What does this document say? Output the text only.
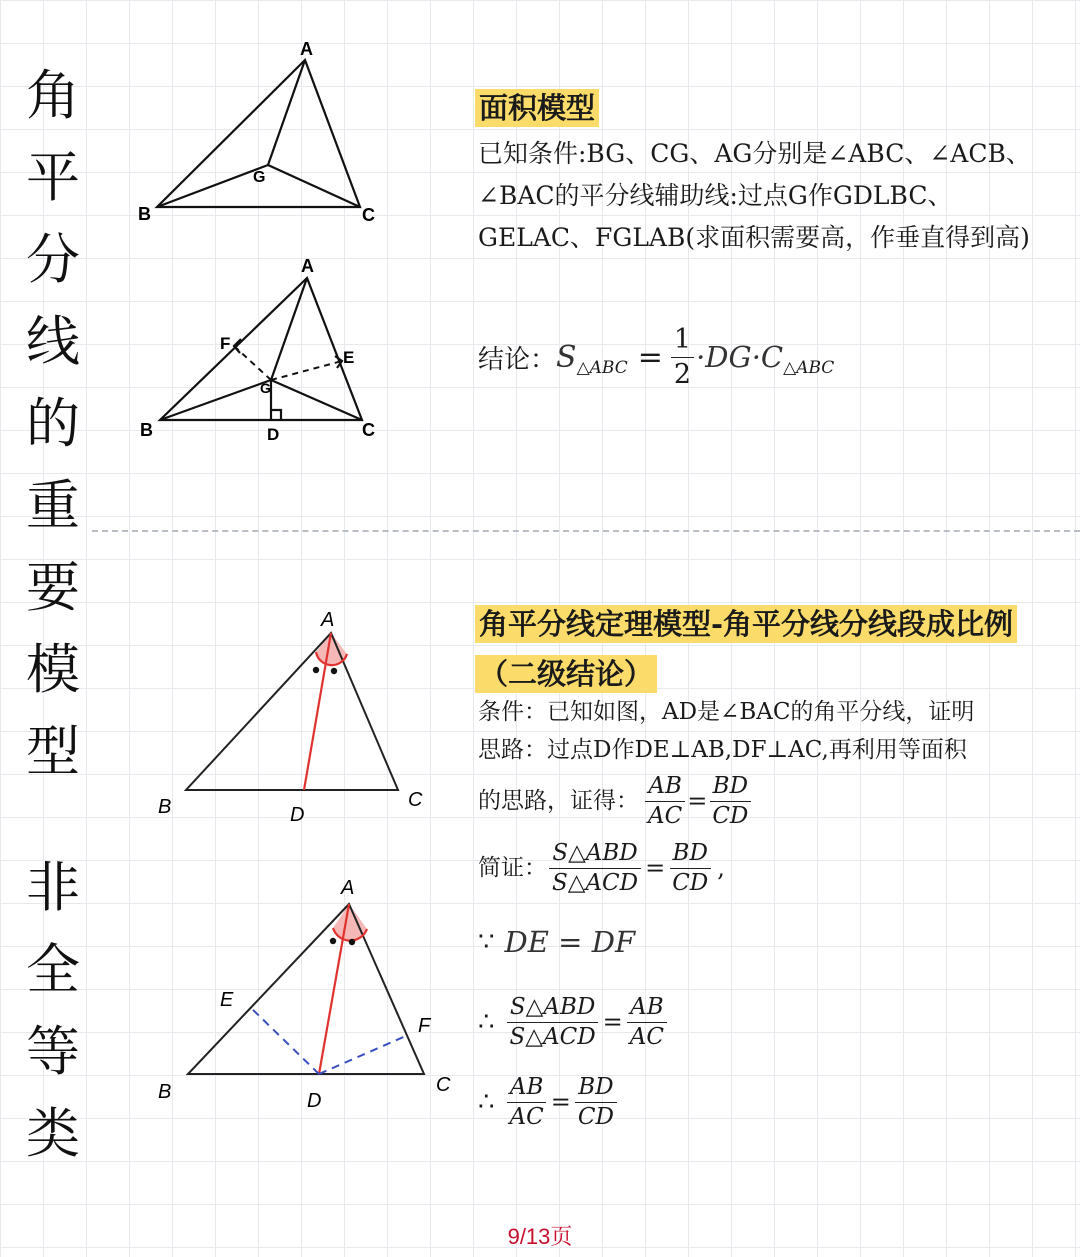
角
平
分
线
的
重
要
模
型
非
全
等
类
A
B	C
G
A
B	C
D
E
F
G
面积模型
已知条件:BG、CG、AG分别是∠ABC、∠ACB、∠BAC的平分线辅助线:过点G作GDLBC、GELAC、FGLAB(求面积需要高，作垂直得到高)
结论： S △ABC = $\frac{1}{2} \cdot DG\cdot C$ △ABC
A
B	C
D
A
B	C
D
E
F
角平分线定理模型-角平分线分线段成比例（二级结论）
条件：已知如图，AD是∠BAC的角平分线，证明
思路：过点D作DE⊥AB,DF⊥AC,再利用等面积
的思路，证得： $\frac{AB}{AC} = \frac{BD}{CD}$
简证： $\frac{\text{S△ABD}}{\text{S△ACD}} = \frac{BD}{CD}$ ,
∵ DE = DF
∴ $\frac{\text{S△ABD}}{\text{S△ACD}} = \frac{AB}{AC}$
∴ $\frac{AB}{AC} = \frac{BD}{CD}$
9/13页
